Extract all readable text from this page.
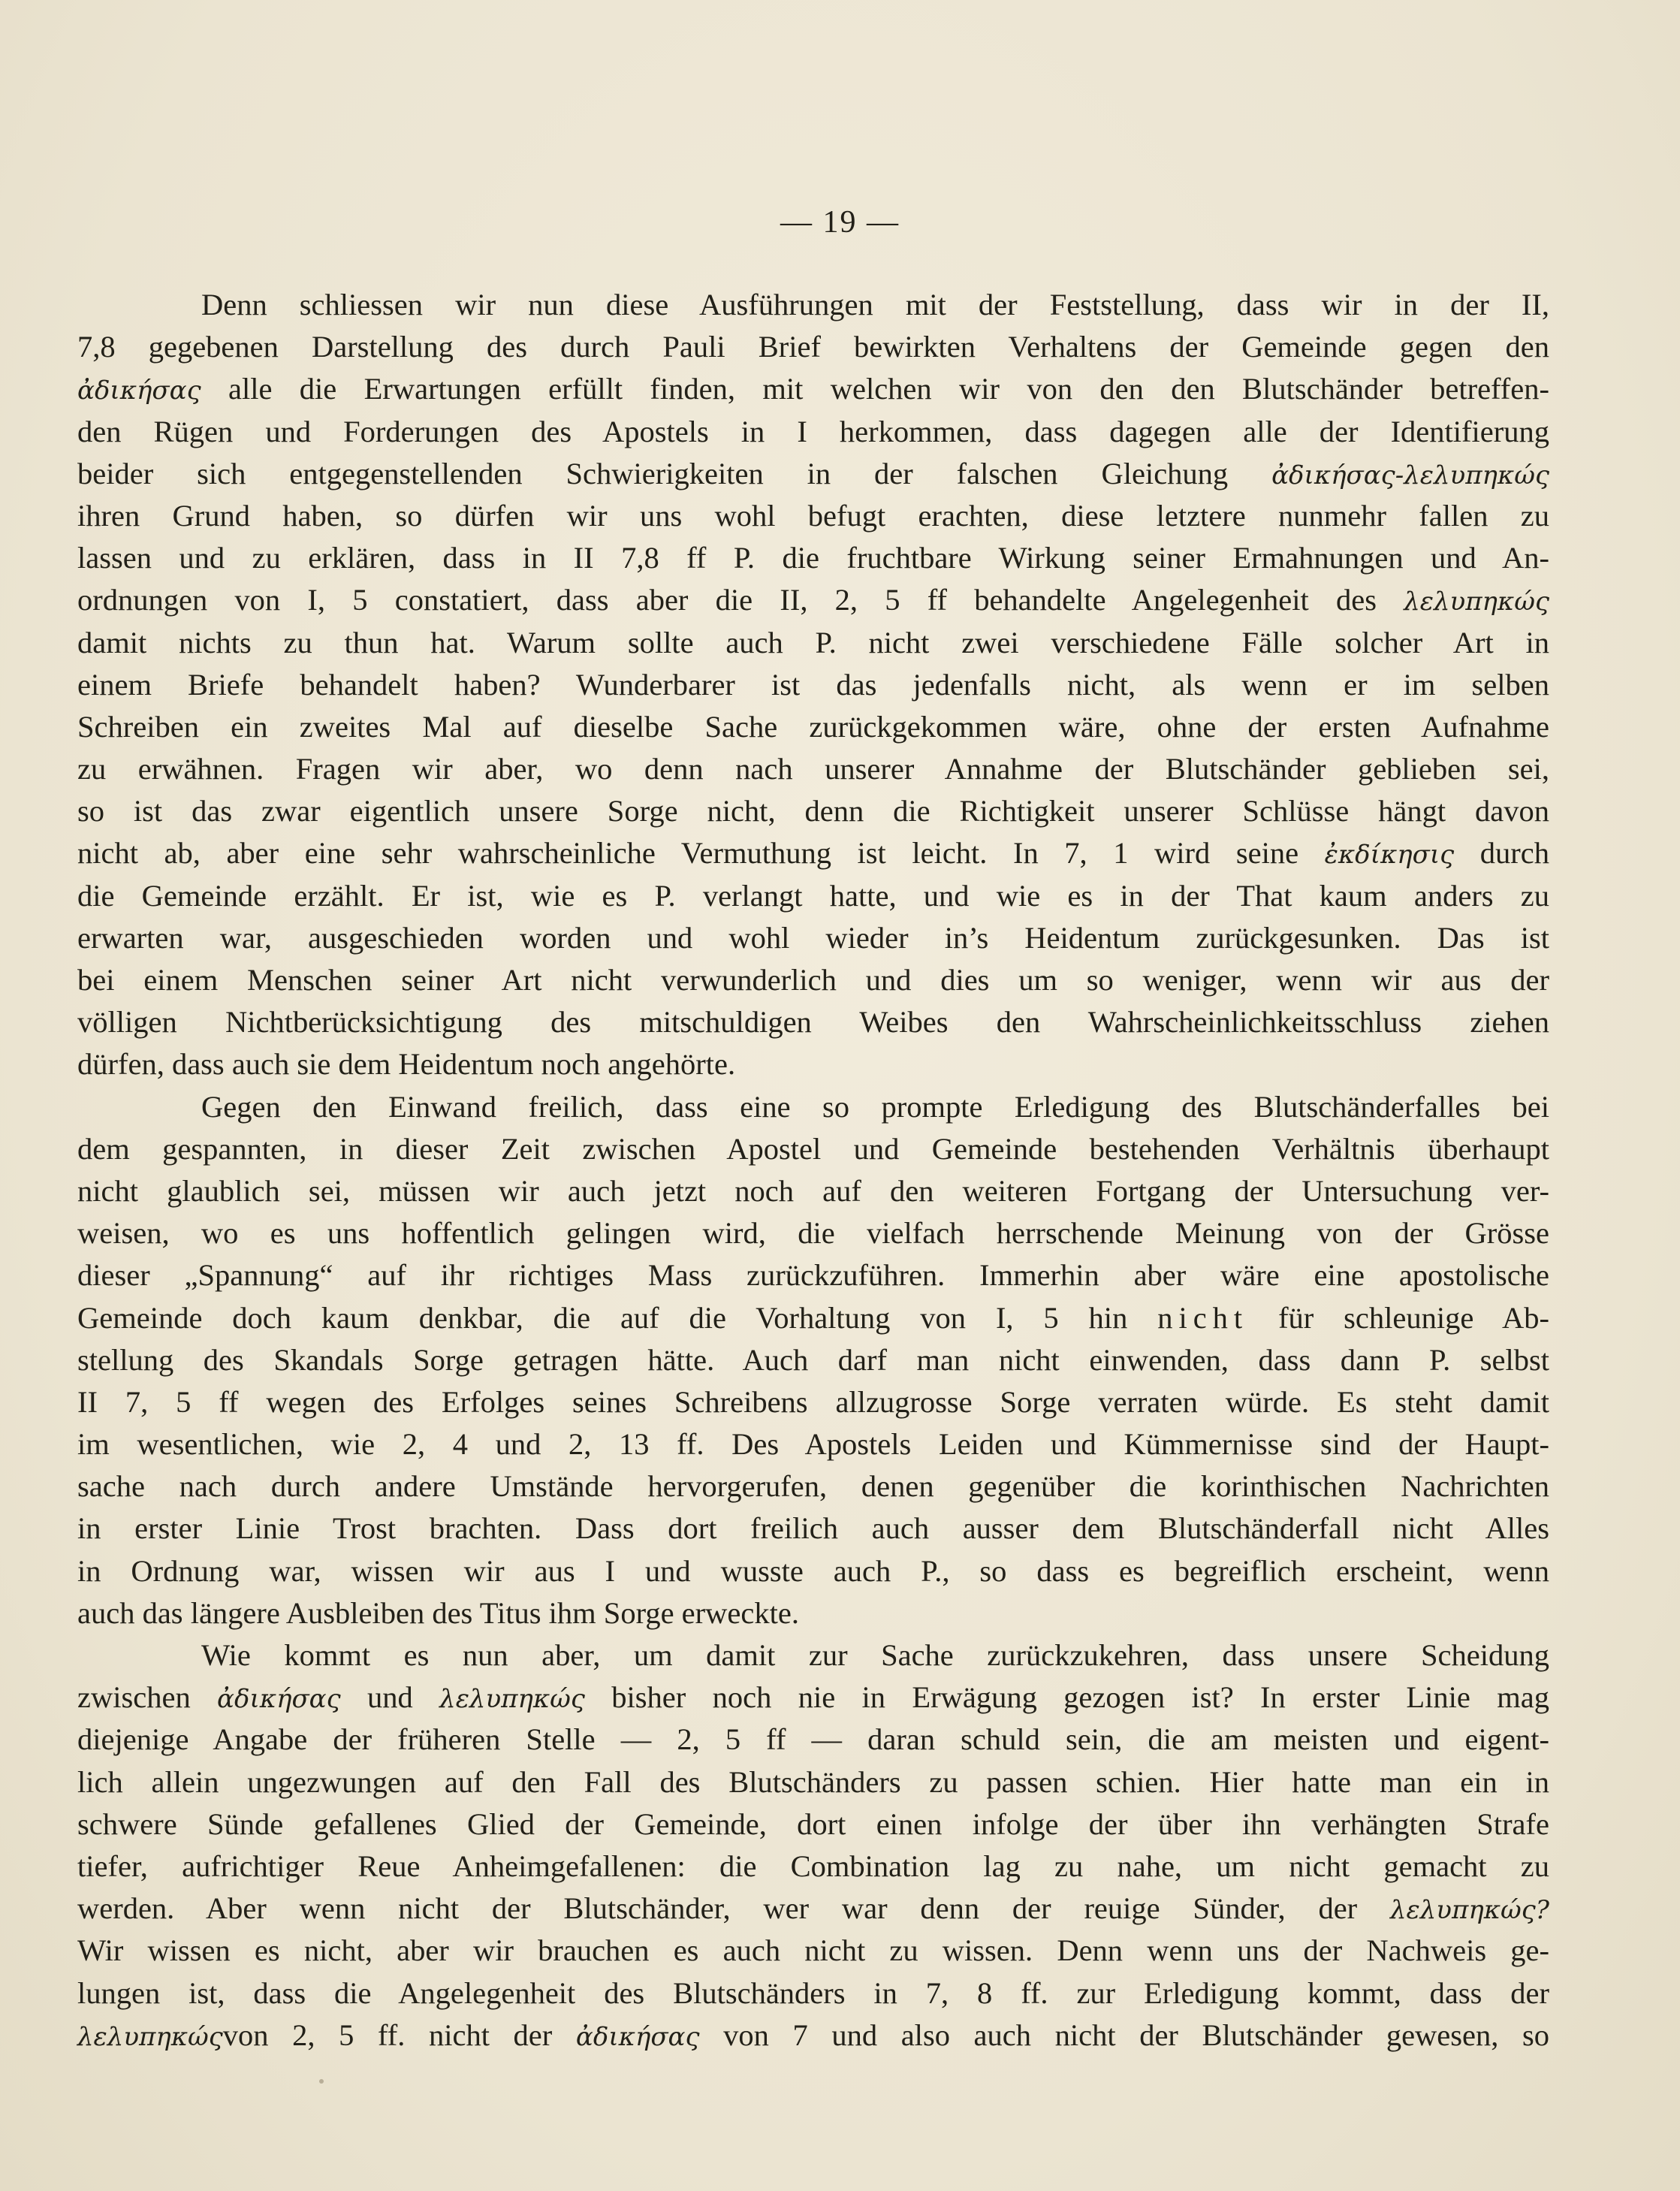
— 19 —
Denn schliessen wir nun diese Ausführungen mit der Feststellung, dass wir in der II,
7,8 gegebenen Darstellung des durch Pauli Brief bewirkten Verhaltens der Gemeinde gegen den
ἀδικήσας alle die Erwartungen erfüllt finden, mit welchen wir von den den Blutschänder betreffen-
den Rügen und Forderungen des Apostels in I herkommen, dass dagegen alle der Identifierung
beider sich entgegenstellenden Schwierigkeiten in der falschen Gleichung ἀδικήσας-λελυπηκώς
ihren Grund haben, so dürfen wir uns wohl befugt erachten, diese letztere nunmehr fallen zu
lassen und zu erklären, dass in II 7,8 ff P. die fruchtbare Wirkung seiner Ermahnungen und An-
ordnungen von I, 5 constatiert, dass aber die II, 2, 5 ff behandelte Angelegenheit des λελυπηκώς
damit nichts zu thun hat. Warum sollte auch P. nicht zwei verschiedene Fälle solcher Art in
einem Briefe behandelt haben? Wunderbarer ist das jedenfalls nicht, als wenn er im selben
Schreiben ein zweites Mal auf dieselbe Sache zurückgekommen wäre, ohne der ersten Aufnahme
zu erwähnen. Fragen wir aber, wo denn nach unserer Annahme der Blutschänder geblieben sei,
so ist das zwar eigentlich unsere Sorge nicht, denn die Richtigkeit unserer Schlüsse hängt davon
nicht ab, aber eine sehr wahrscheinliche Vermuthung ist leicht. In 7, 1 wird seine ἐκδίκησις durch
die Gemeinde erzählt. Er ist, wie es P. verlangt hatte, und wie es in der That kaum anders zu
erwarten war, ausgeschieden worden und wohl wieder in’s Heidentum zurückgesunken. Das ist
bei einem Menschen seiner Art nicht verwunderlich und dies um so weniger, wenn wir aus der
völligen Nichtberücksichtigung des mitschuldigen Weibes den Wahrscheinlichkeitsschluss ziehen
dürfen, dass auch sie dem Heidentum noch angehörte.
Gegen den Einwand freilich, dass eine so prompte Erledigung des Blutschänderfalles bei
dem gespannten, in dieser Zeit zwischen Apostel und Gemeinde bestehenden Verhältnis überhaupt
nicht glaublich sei, müssen wir auch jetzt noch auf den weiteren Fortgang der Untersuchung ver-
weisen, wo es uns hoffentlich gelingen wird, die vielfach herrschende Meinung von der Grösse
dieser „Spannung“ auf ihr richtiges Mass zurückzuführen. Immerhin aber wäre eine apostolische
Gemeinde doch kaum denkbar, die auf die Vorhaltung von I, 5 hin nicht für schleunige Ab-
stellung des Skandals Sorge getragen hätte. Auch darf man nicht einwenden, dass dann P. selbst
II 7, 5 ff wegen des Erfolges seines Schreibens allzugrosse Sorge verraten würde. Es steht damit
im wesentlichen, wie 2, 4 und 2, 13 ff. Des Apostels Leiden und Kümmernisse sind der Haupt-
sache nach durch andere Umstände hervorgerufen, denen gegenüber die korinthischen Nachrichten
in erster Linie Trost brachten. Dass dort freilich auch ausser dem Blutschänderfall nicht Alles
in Ordnung war, wissen wir aus I und wusste auch P., so dass es begreiflich erscheint, wenn
auch das längere Ausbleiben des Titus ihm Sorge erweckte.
Wie kommt es nun aber, um damit zur Sache zurückzukehren, dass unsere Scheidung
zwischen ἀδικήσας und λελυπηκώς bisher noch nie in Erwägung gezogen ist? In erster Linie mag
diejenige Angabe der früheren Stelle — 2, 5 ff — daran schuld sein, die am meisten und eigent-
lich allein ungezwungen auf den Fall des Blutschänders zu passen schien. Hier hatte man ein in
schwere Sünde gefallenes Glied der Gemeinde, dort einen infolge der über ihn verhängten Strafe
tiefer, aufrichtiger Reue Anheimgefallenen: die Combination lag zu nahe, um nicht gemacht zu
werden. Aber wenn nicht der Blutschänder, wer war denn der reuige Sünder, der λελυπηκώς?
Wir wissen es nicht, aber wir brauchen es auch nicht zu wissen. Denn wenn uns der Nachweis ge-
lungen ist, dass die Angelegenheit des Blutschänders in 7, 8 ff. zur Erledigung kommt, dass der
λελυπηκώςvon 2, 5 ff. nicht der ἀδικήσας von 7 und also auch nicht der Blutschänder gewesen, so
